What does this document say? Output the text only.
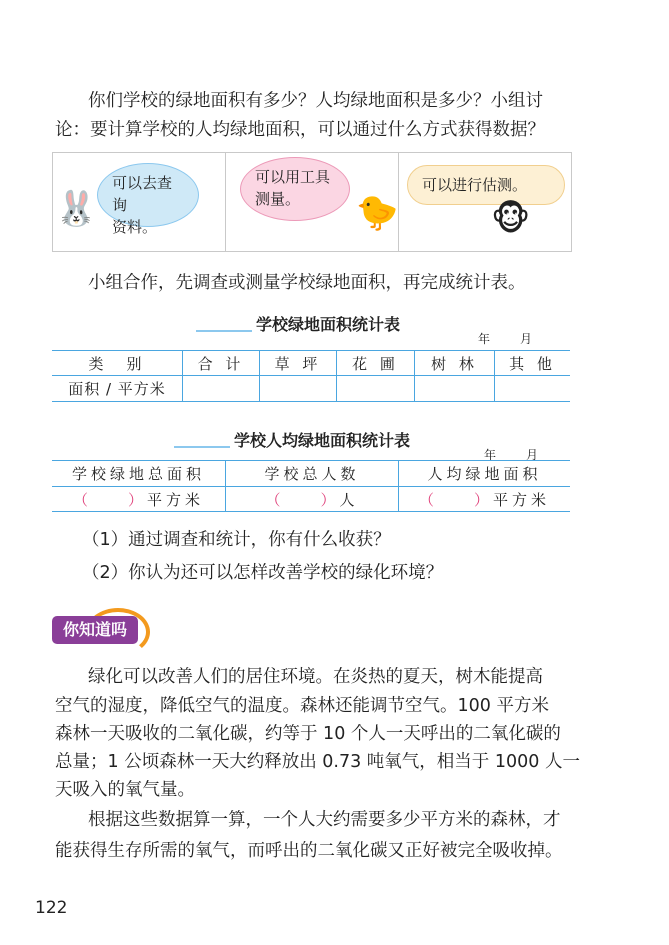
你们学校的绿地面积有多少？人均绿地面积是多少？小组讨
论：要计算学校的人均绿地面积，可以通过什么方式获得数据？
🐰
可以去查询
资料。
可以用工具
测量。	🐤
可以进行估测。
🐵
小组合作，先调查或测量学校绿地面积，再完成统计表。
学校绿地面积统计表
年	月
类　别	合 计	草 坪	花 圃	树 林	其 他
面积 / 平方米					
学校人均绿地面积统计表
年	月
学校绿地总面积	学校总人数	人均绿地面积
（ ）平方米	（ ）人	（ ）平方米
（1）通过调查和统计，你有什么收获？
（2）你认为还可以怎样改善学校的绿化环境？
你知道吗
绿化可以改善人们的居住环境。在炎热的夏天，树木能提高
空气的湿度，降低空气的温度。森林还能调节空气。100 平方米
森林一天吸收的二氧化碳，约等于 10 个人一天呼出的二氧化碳的
总量；1 公顷森林一天大约释放出 0.73 吨氧气，相当于 1000 人一
天吸入的氧气量。
根据这些数据算一算，一个人大约需要多少平方米的森林，才
能获得生存所需的氧气，而呼出的二氧化碳又正好被完全吸收掉。
122
